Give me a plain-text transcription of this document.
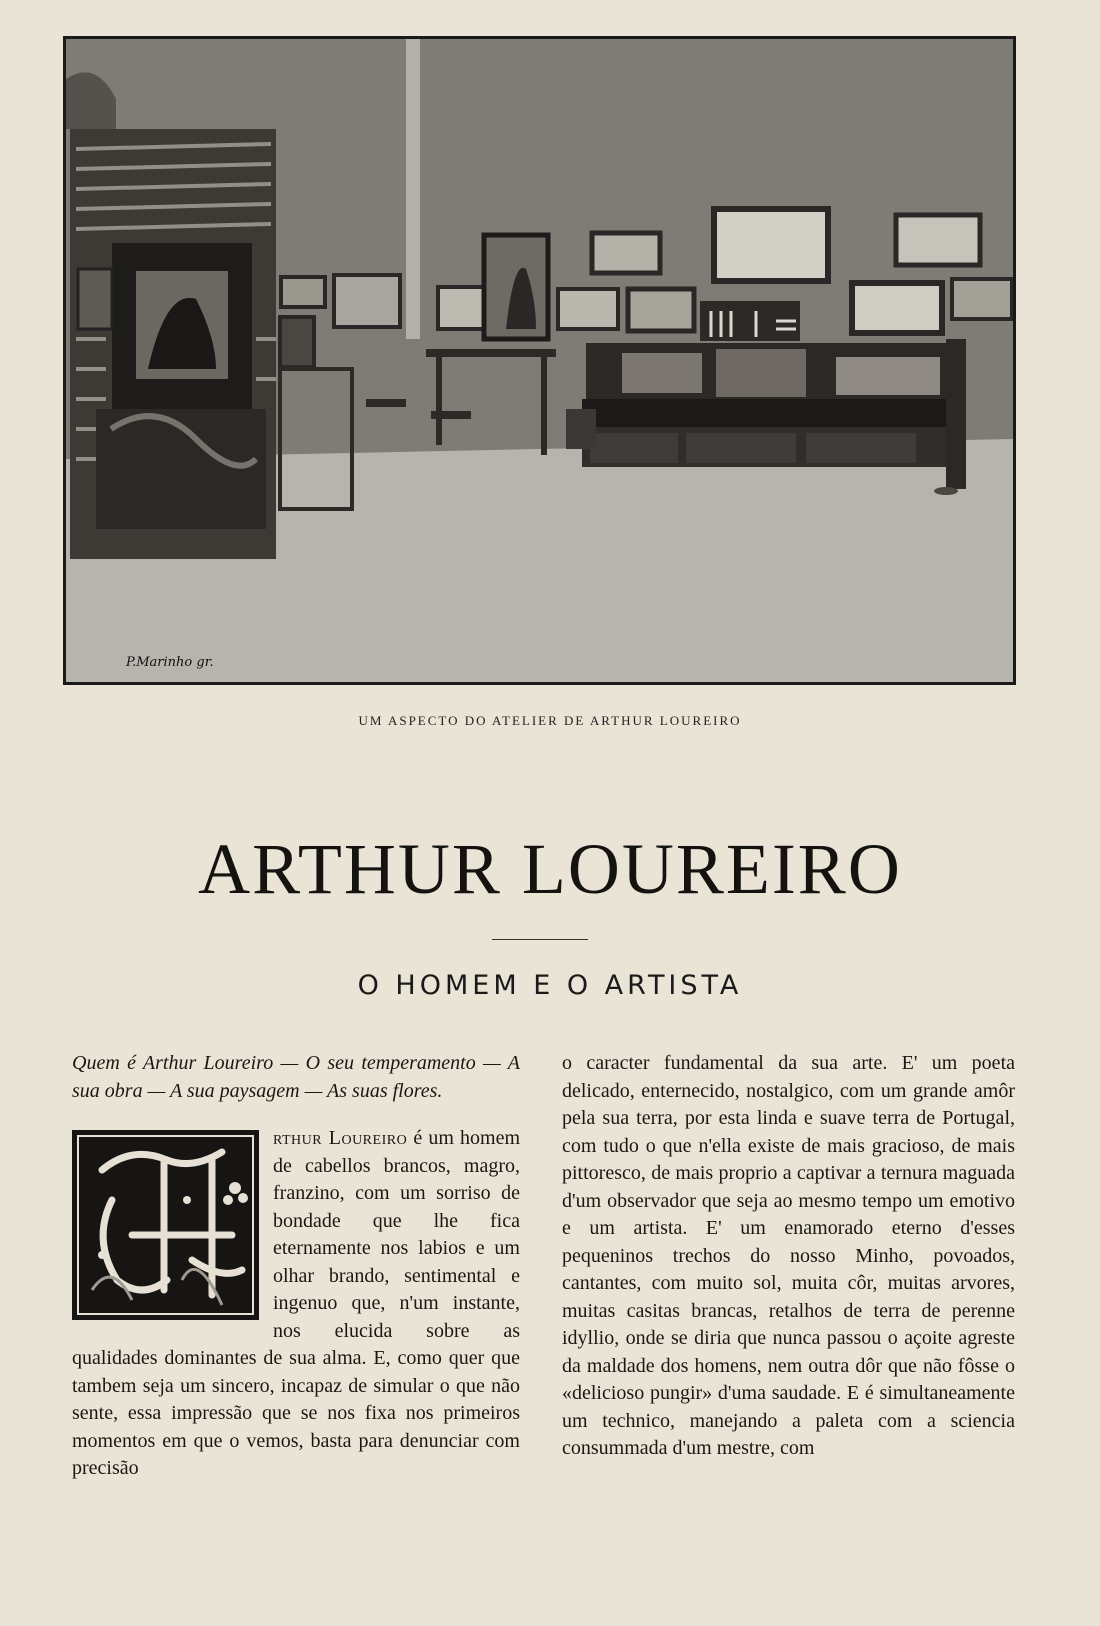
P.Marinho gr.
UM ASPECTO DO ATELIER DE ARTHUR LOUREIRO
ARTHUR LOUREIRO
O HOMEM E O ARTISTA

Quem é Arthur Loureiro — O seu temperamento — A sua obra — A sua paysagem — As suas flores.

rthur Loureiro é um homem de cabellos brancos, magro, franzino, com um sorriso de bondade que lhe fica eternamente nos labios e um olhar brando, sentimental e ingenuo que, n'um instante, nos elucida sobre as qualidades dominantes de sua alma. E, como quer que tambem seja um sincero, incapaz de simular o que não sente, essa impressão que se nos fixa nos primeiros momentos em que o vemos, basta para denunciar com precisão

o caracter fundamental da sua arte. E' um poeta delicado, enternecido, nostalgico, com um grande amôr pela sua terra, por esta linda e suave terra de Portugal, com tudo o que n'ella existe de mais gracioso, de mais pittoresco, de mais proprio a captivar a ternura maguada d'um observador que seja ao mesmo tempo um emotivo e um artista. E' um enamorado eterno d'esses pequeninos trechos do nosso Minho, povoados, cantantes, com muito sol, muita côr, muitas arvores, muitas casitas brancas, retalhos de terra de perenne idyllio, onde se diria que nunca passou o açoite agreste da maldade dos homens, nem outra dôr que não fôsse o «delicioso pungir» d'uma saudade. E é simultaneamente um technico, manejando a paleta com a sciencia consummada d'um mestre, com
